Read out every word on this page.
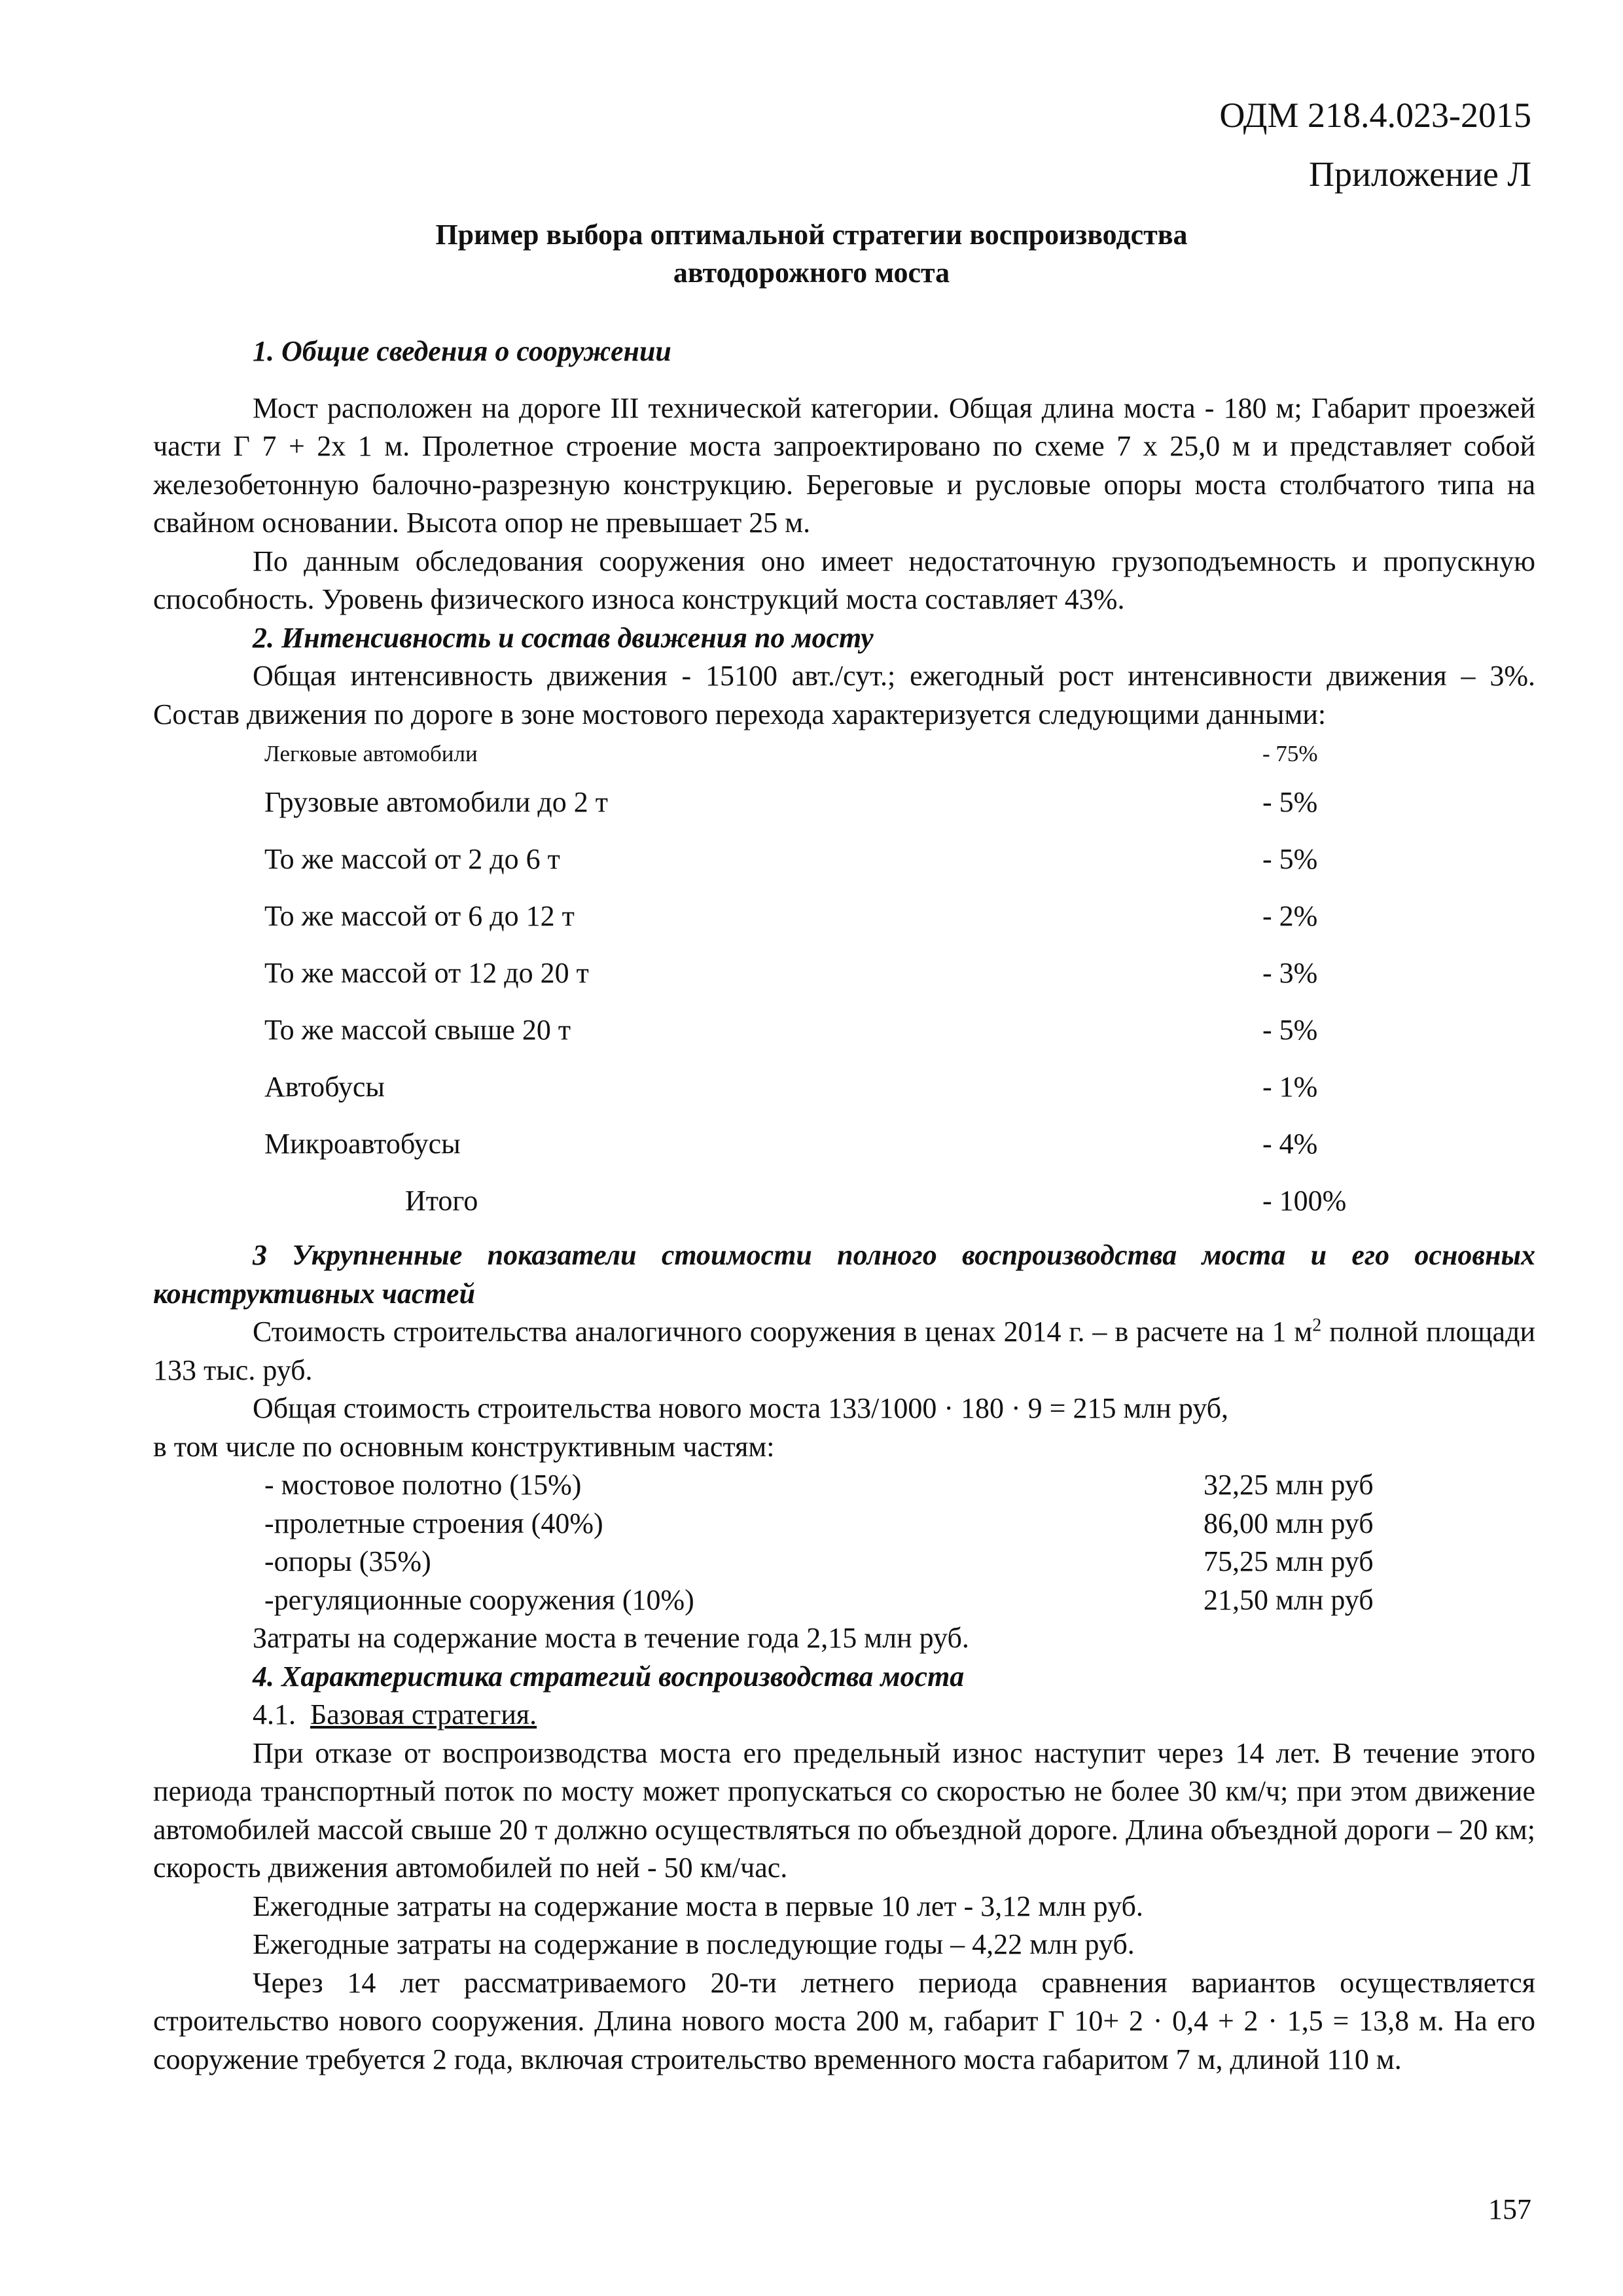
ОДМ 218.4.023-2015
Приложение Л
Пример выбора оптимальной стратегии воспроизводства
автодорожного моста

1. Общие сведения о сооружении

Мост расположен на дороге III технической категории. Общая длина моста - 180 м; Габарит проезжей части Г 7 + 2х 1 м. Пролетное строение моста запроектировано по схеме 7 х 25,0 м и представляет собой железобетонную балочно-разрезную конструкцию. Береговые и русловые опоры моста столбчатого типа на свайном основании. Высота опор не превышает 25 м.

По данным обследования сооружения оно имеет недостаточную грузоподъемность и пропускную способность. Уровень физического износа конструкций моста составляет 43%.

2. Интенсивность и состав движения по мосту

Общая интенсивность движения - 15100 авт./сут.; ежегодный рост интенсивности движения – 3%. Состав движения по дороге в зоне мостового перехода характеризуется следующими данными:

Легковые автомобили	- 75%
Грузовые автомобили до 2 т	- 5%
То же массой от 2 до 6 т	- 5%
То же массой от 6 до 12 т	- 2%
То же массой от 12 до 20 т	- 3%
То же массой свыше 20 т	- 5%
Автобусы	- 1%
Микроавтобусы	- 4%
Итого	- 100%

3 Укрупненные показатели стоимости полного воспроизводства моста и его основных конструктивных частей

Стоимость строительства аналогичного сооружения в ценах 2014 г. – в расчете на 1 $м^2$ полной площади 133 тыс. руб.

Общая стоимость строительства нового моста 133/1000 · 180 · 9 = 215 млн руб,

в том числе по основным конструктивным частям:

- мостовое полотно (15%)	32,25 млн руб
-пролетные строения (40%)	86,00 млн руб
-опоры (35%)	75,25 млн руб
-регуляционные сооружения (10%)	21,50 млн руб

Затраты на содержание моста в течение года 2,15 млн руб.

4. Характеристика стратегий воспроизводства моста

4.1. Базовая стратегия.

При отказе от воспроизводства моста его предельный износ наступит через 14 лет. В течение этого периода транспортный поток по мосту может пропускаться со скоростью не более 30 км/ч; при этом движение автомобилей массой свыше 20 т должно осуществляться по объездной дороге. Длина объездной дороги – 20 км; скорость движения автомобилей по ней - 50 км/час.

Ежегодные затраты на содержание моста в первые 10 лет - 3,12 млн руб.

Ежегодные затраты на содержание в последующие годы – 4,22 млн руб.

Через 14 лет рассматриваемого 20-ти летнего периода сравнения вариантов осуществляется строительство нового сооружения. Длина нового моста 200 м, габарит Г 10+ 2 · 0,4 + 2 · 1,5 = 13,8 м. На его сооружение требуется 2 года, включая строительство временного моста габаритом 7 м, длиной 110 м.

157
